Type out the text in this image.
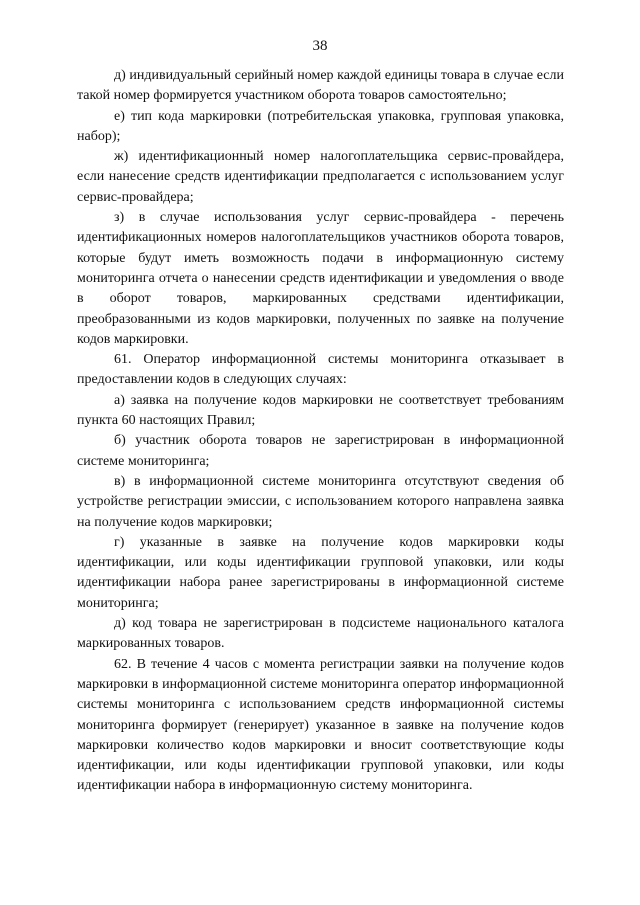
38

д) индивидуальный серийный номер каждой единицы товара в случае если такой номер формируется участником оборота товаров самостоятельно;

е) тип кода маркировки (потребительская упаковка, групповая упаковка, набор);

ж) идентификационный номер налогоплательщика сервис-провайдера, если нанесение средств идентификации предполагается с использованием услуг сервис-провайдера;

з) в случае использования услуг сервис-провайдера - перечень идентификационных номеров налогоплательщиков участников оборота товаров, которые будут иметь возможность подачи в информационную систему мониторинга отчета о нанесении средств идентификации и уведомления о вводе в оборот товаров, маркированных средствами идентификации, преобразованными из кодов маркировки, полученных по заявке на получение кодов маркировки.

61. Оператор информационной системы мониторинга отказывает в предоставлении кодов в следующих случаях:

а) заявка на получение кодов маркировки не соответствует требованиям пункта 60 настоящих Правил;

б) участник оборота товаров не зарегистрирован в информационной системе мониторинга;

в) в информационной системе мониторинга отсутствуют сведения об устройстве регистрации эмиссии, с использованием которого направлена заявка на получение кодов маркировки;

г) указанные в заявке на получение кодов маркировки коды идентификации, или коды идентификации групповой упаковки, или коды идентификации набора ранее зарегистрированы в информационной системе мониторинга;

д) код товара не зарегистрирован в подсистеме национального каталога маркированных товаров.

62. В течение 4 часов с момента регистрации заявки на получение кодов маркировки в информационной системе мониторинга оператор информационной системы мониторинга с использованием средств информационной системы мониторинга формирует (генерирует) указанное в заявке на получение кодов маркировки количество кодов маркировки и вносит соответствующие коды идентификации, или коды идентификации групповой упаковки, или коды идентификации набора в информационную систему мониторинга.
